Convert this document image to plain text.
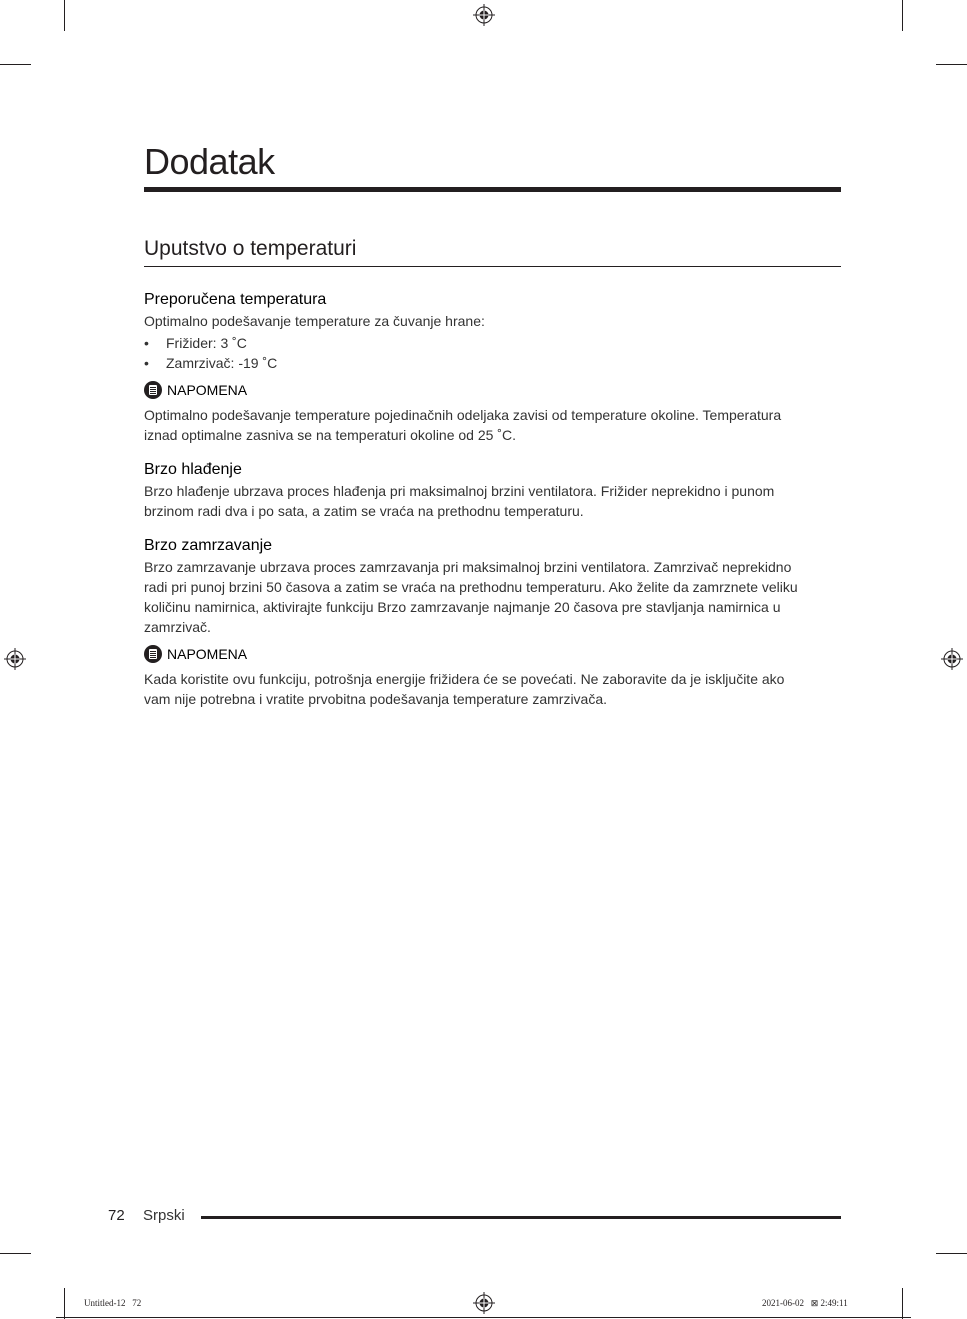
Dodatak
Uputstvo o temperaturi
Preporučena temperatura

Optimalno podešavanje temperature za čuvanje hrane:

• Frižider: 3 ˚C
• Zamrzivač: -19 ˚C
NAPOMENA

Optimalno podešavanje temperature pojedinačnih odeljaka zavisi od temperature okoline. Temperatura

iznad optimalne zasniva se na temperaturi okoline od 25 ˚C.

Brzo hlađenje

Brzo hlađenje ubrzava proces hlađenja pri maksimalnoj brzini ventilatora. Frižider neprekidno i punom

brzinom radi dva i po sata, a zatim se vraća na prethodnu temperaturu.

Brzo zamrzavanje

Brzo zamrzavanje ubrzava proces zamrzavanja pri maksimalnoj brzini ventilatora. Zamrzivač neprekidno

radi pri punoj brzini 50 časova a zatim se vraća na prethodnu temperaturu. Ako želite da zamrznete veliku

količinu namirnica, aktivirajte funkciju Brzo zamrzavanje najmanje 20 časova pre stavljanja namirnica u

zamrzivač.

NAPOMENA

Kada koristite ovu funkciju, potrošnja energije frižidera će se povećati. Ne zaboravite da je isključite ako

vam nije potrebna i vratite prvobitna podešavanja temperature zamrzivača.

72 Srpski
Untitled-12   72	2021-06-02   ⊠ 2:49:11
